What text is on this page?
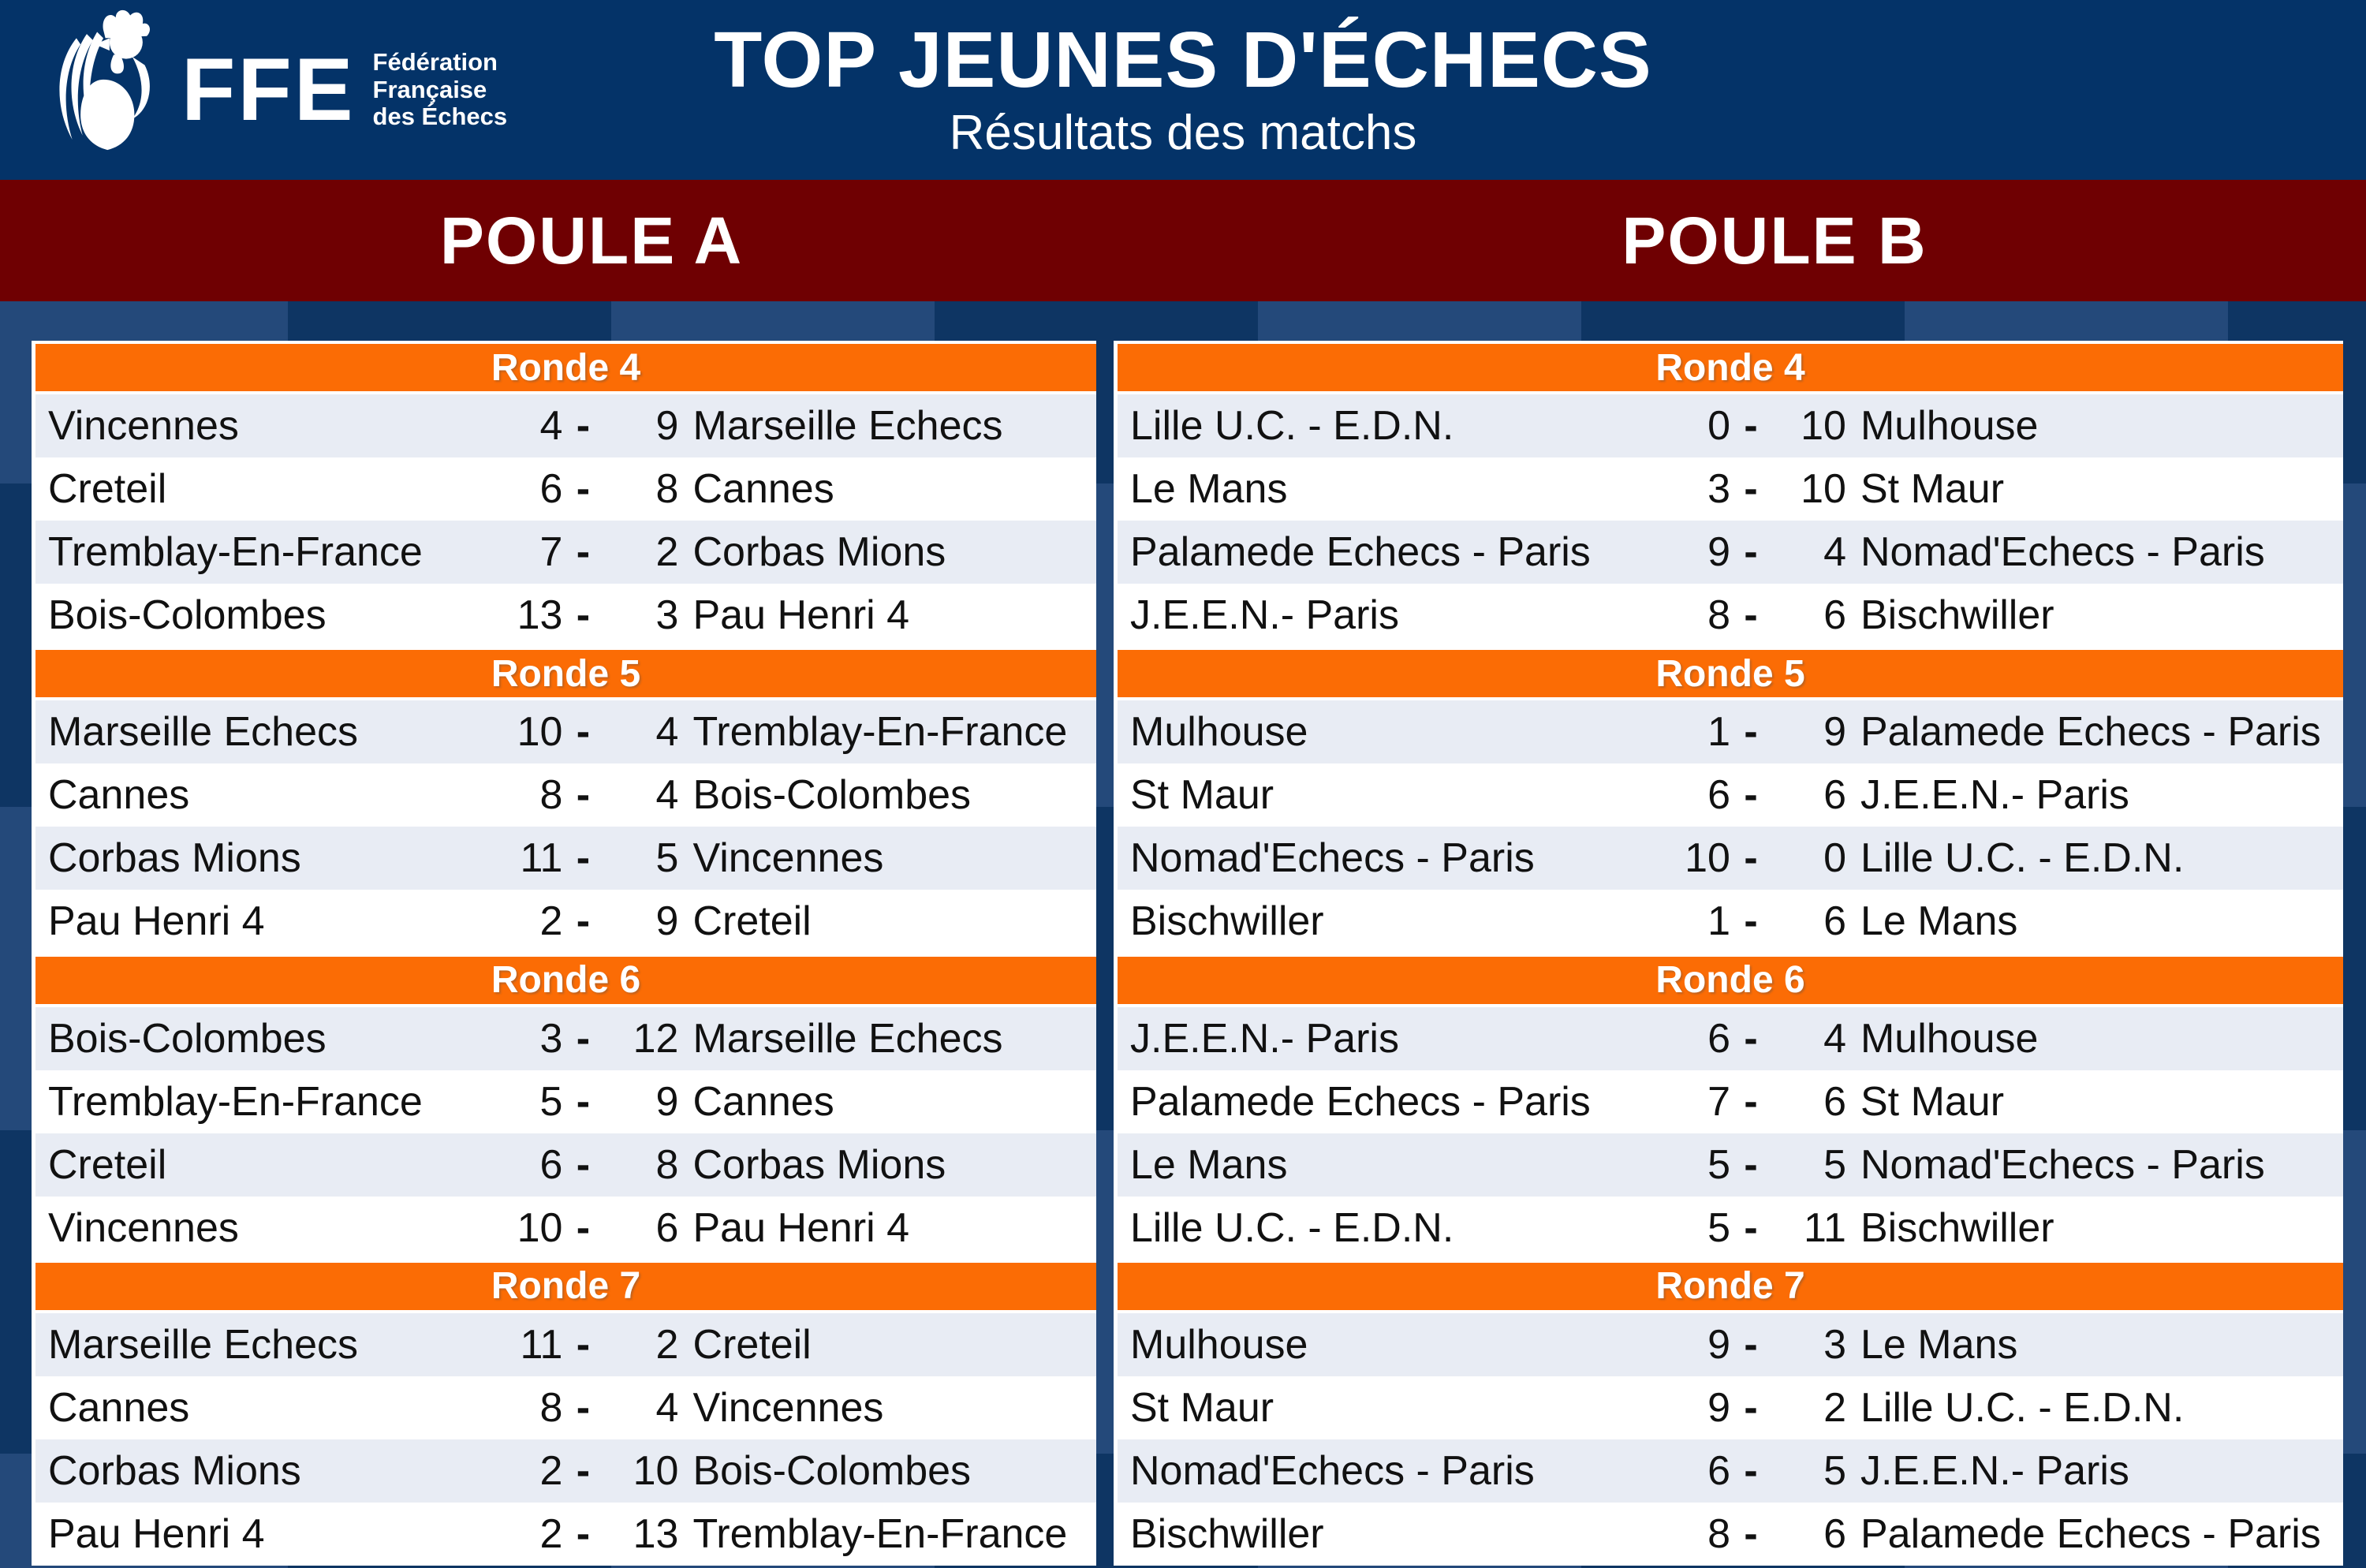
FFE Fédération
Française
des Échecs
TOP JEUNES D'ÉCHECS
Résultats des matchs
POULE A	POULE B
Ronde 4
Vincennes	4 -	9 Marseille Echecs
Creteil	6 -	8 Cannes
Tremblay-En-France	7 -	2 Corbas Mions
Bois-Colombes	13 -	3 Pau Henri 4
Ronde 5
Marseille Echecs	10 -	4 Tremblay-En-France
Cannes	8 -	4 Bois-Colombes
Corbas Mions	11 -	5 Vincennes
Pau Henri 4	2 -	9 Creteil
Ronde 6
Bois-Colombes	3 -	12 Marseille Echecs
Tremblay-En-France	5 -	9 Cannes
Creteil	6 -	8 Corbas Mions
Vincennes	10 -	6 Pau Henri 4
Ronde 7
Marseille Echecs	11 -	2 Creteil
Cannes	8 -	4 Vincennes
Corbas Mions	2 -	10 Bois-Colombes
Pau Henri 4	2 -	13 Tremblay-En-France
Ronde 4
Lille U.C. - E.D.N.	0 -	10 Mulhouse
Le Mans	3 -	10 St Maur
Palamede Echecs - Paris	9 -	4 Nomad'Echecs - Paris
J.E.E.N.- Paris	8 -	6 Bischwiller
Ronde 5
Mulhouse	1 -	9 Palamede Echecs - Paris
St Maur	6 -	6 J.E.E.N.- Paris
Nomad'Echecs - Paris	10 -	0 Lille U.C. - E.D.N.
Bischwiller	1 -	6 Le Mans
Ronde 6
J.E.E.N.- Paris	6 -	4 Mulhouse
Palamede Echecs - Paris	7 -	6 St Maur
Le Mans	5 -	5 Nomad'Echecs - Paris
Lille U.C. - E.D.N.	5 -	11 Bischwiller
Ronde 7
Mulhouse	9 -	3 Le Mans
St Maur	9 -	2 Lille U.C. - E.D.N.
Nomad'Echecs - Paris	6 -	5 J.E.E.N.- Paris
Bischwiller	8 -	6 Palamede Echecs - Paris
